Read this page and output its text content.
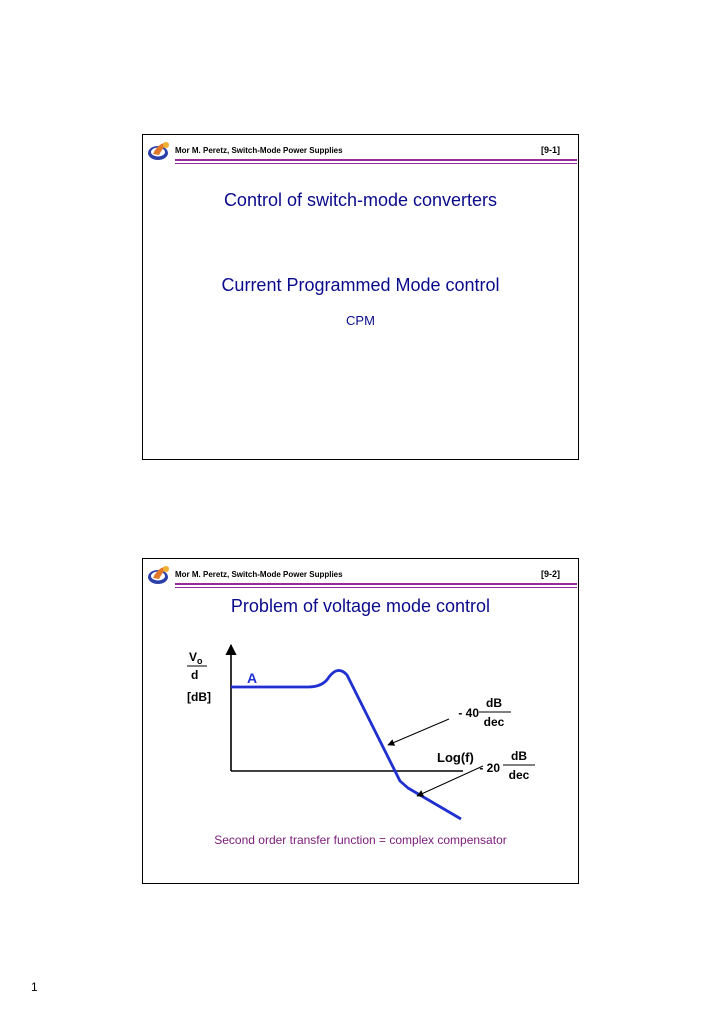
Mor M. Peretz, Switch-Mode Power Supplies	[9-1]
Control of switch-mode converters
Current Programmed Mode control
CPM
Mor M. Peretz, Switch-Mode Power Supplies	[9-2]
Problem of voltage mode control
$V_o$
d
[dB]
A
- 40
dB
dec
Log(f)
- 20
dB
dec
Second order transfer function = complex compensator
1
